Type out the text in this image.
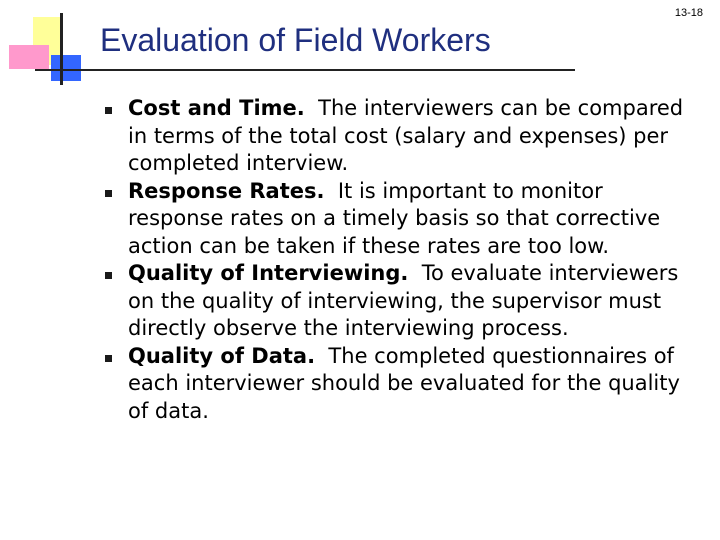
13-18
Evaluation of Field Workers
Cost and Time.  The interviewers can be compared in terms of the total cost (salary and expenses) per completed interview.
Response Rates.  It is important to monitor response rates on a timely basis so that corrective action can be taken if these rates are too low.
Quality of Interviewing.  To evaluate interviewers on the quality of interviewing, the supervisor must directly observe the interviewing process.
Quality of Data.  The completed questionnaires of each interviewer should be evaluated for the quality of data.
